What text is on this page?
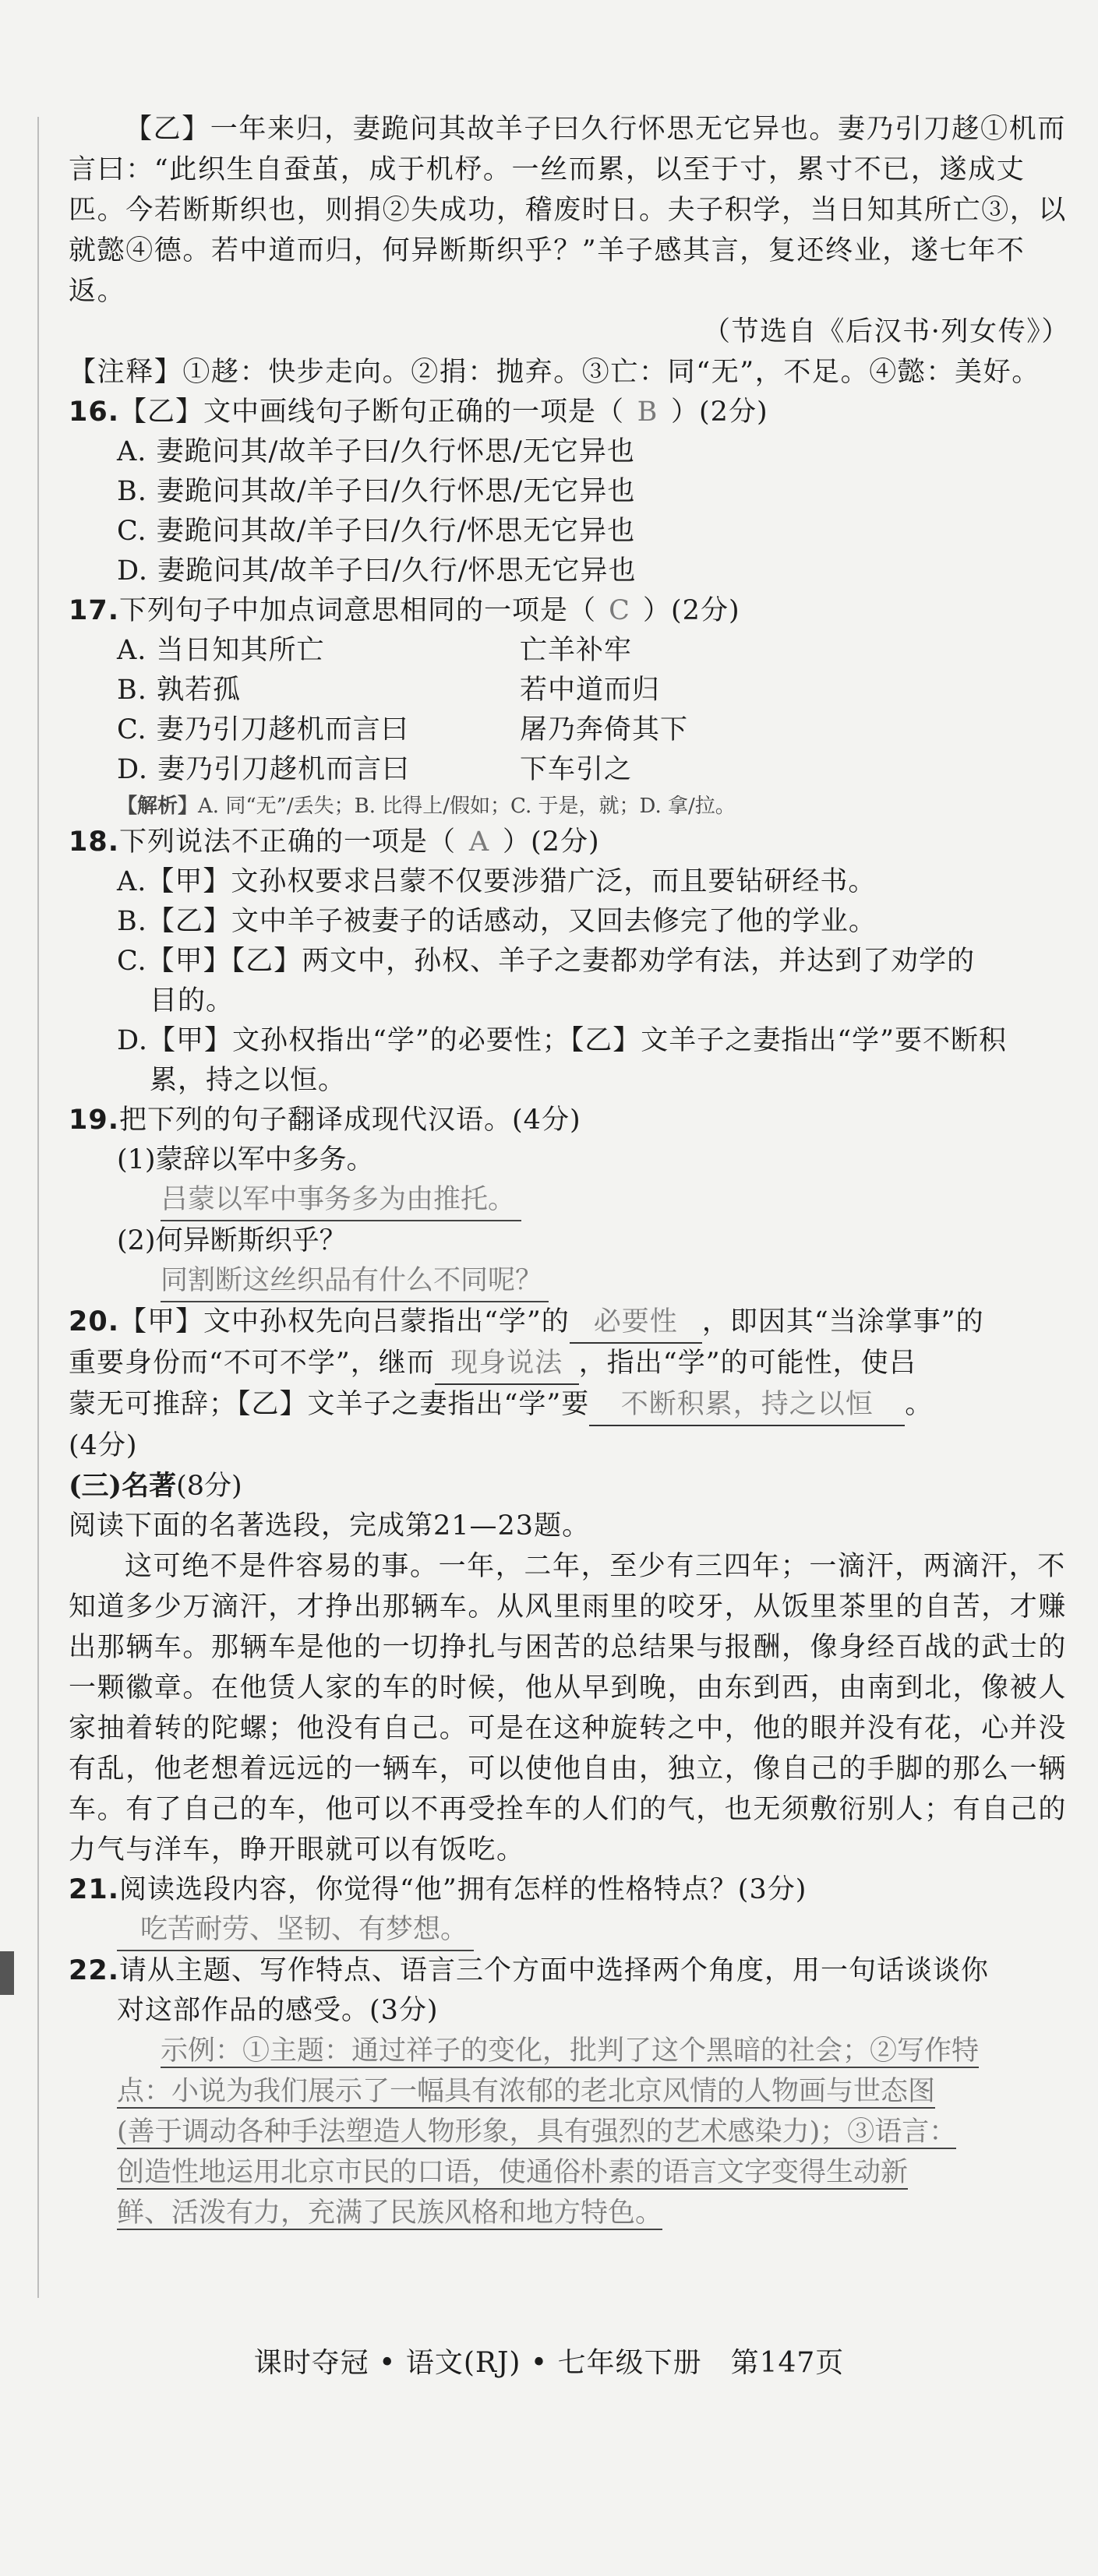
【乙】一年来归，妻跪问其故羊子曰久行怀思无它异也。妻乃引刀趍①机而言曰：“此织生自蚕茧，成于机杼。一丝而累，以至于寸，累寸不已，遂成丈匹。今若断斯织也，则捐②失成功，稽废时日。夫子积学，当日知其所亡③，以就懿④德。若中道而归，何异断斯织乎？”羊子感其言，复还终业，遂七年不返。

（节选自《后汉书·列女传》）

【注释】①趍：快步走向。②捐：抛弃。③亡：同“无”，不足。④懿：美好。

16.【乙】文中画线句子断句正确的一项是（ B ）(2分)

A. 妻跪问其/故羊子曰/久行怀思/无它异也

B. 妻跪问其故/羊子曰/久行怀思/无它异也

C. 妻跪问其故/羊子曰/久行/怀思无它异也

D. 妻跪问其/故羊子曰/久行/怀思无它异也

17.下列句子中加点词意思相同的一项是（ C ）(2分)

A. 当日知其所亡	亡羊补牢
B. 孰若孤	若中道而归
C. 妻乃引刀趍机而言曰	屠乃奔倚其下
D. 妻乃引刀趍机而言曰	下车引之

【解析】A. 同“无”/丢失；B. 比得上/假如；C. 于是，就；D. 拿/拉。

18.下列说法不正确的一项是（ A ）(2分)

A.【甲】文孙权要求吕蒙不仅要涉猎广泛，而且要钻研经书。

B.【乙】文中羊子被妻子的话感动，又回去修完了他的学业。

C.【甲】【乙】两文中，孙权、羊子之妻都劝学有法，并达到了劝学的

目的。

D.【甲】文孙权指出“学”的必要性；【乙】文羊子之妻指出“学”要不断积

累，持之以恒。

19.把下列的句子翻译成现代汉语。(4分)

(1)蒙辞以军中多务。

吕蒙以军中事务多为由推托。

(2)何异断斯织乎？

同割断这丝织品有什么不同呢？

20.【甲】文中孙权先向吕蒙指出“学”的 必要性 ，即因其“当涂掌事”的

重要身份而“不可不学”，继而 现身说法 ，指出“学”的可能性，使吕

蒙无可推辞；【乙】文羊子之妻指出“学”要 不断积累，持之以恒 。

(4分)

(三)名著(8分)

阅读下面的名著选段，完成第21—23题。

这可绝不是件容易的事。一年，二年，至少有三四年；一滴汗，两滴汗，不知道多少万滴汗，才挣出那辆车。从风里雨里的咬牙，从饭里茶里的自苦，才赚出那辆车。那辆车是他的一切挣扎与困苦的总结果与报酬，像身经百战的武士的一颗徽章。在他赁人家的车的时候，他从早到晚，由东到西，由南到北，像被人家抽着转的陀螺；他没有自己。可是在这种旋转之中，他的眼并没有花，心并没有乱，他老想着远远的一辆车，可以使他自由，独立，像自己的手脚的那么一辆车。有了自己的车，他可以不再受拴车的人们的气，也无须敷衍别人；有自己的力气与洋车，睁开眼就可以有饭吃。

21.阅读选段内容，你觉得“他”拥有怎样的性格特点？(3分)

吃苦耐劳、坚韧、有梦想。

22.请从主题、写作特点、语言三个方面中选择两个角度，用一句话谈谈你

对这部作品的感受。(3分)

示例：①主题：通过祥子的变化，批判了这个黑暗的社会；②写作特

点：小说为我们展示了一幅具有浓郁的老北京风情的人物画与世态图

(善于调动各种手法塑造人物形象，具有强烈的艺术感染力)；③语言：

创造性地运用北京市民的口语，使通俗朴素的语言文字变得生动新

鲜、活泼有力，充满了民族风格和地方特色。

课时夺冠 • 语文(RJ) • 七年级下册　第147页
